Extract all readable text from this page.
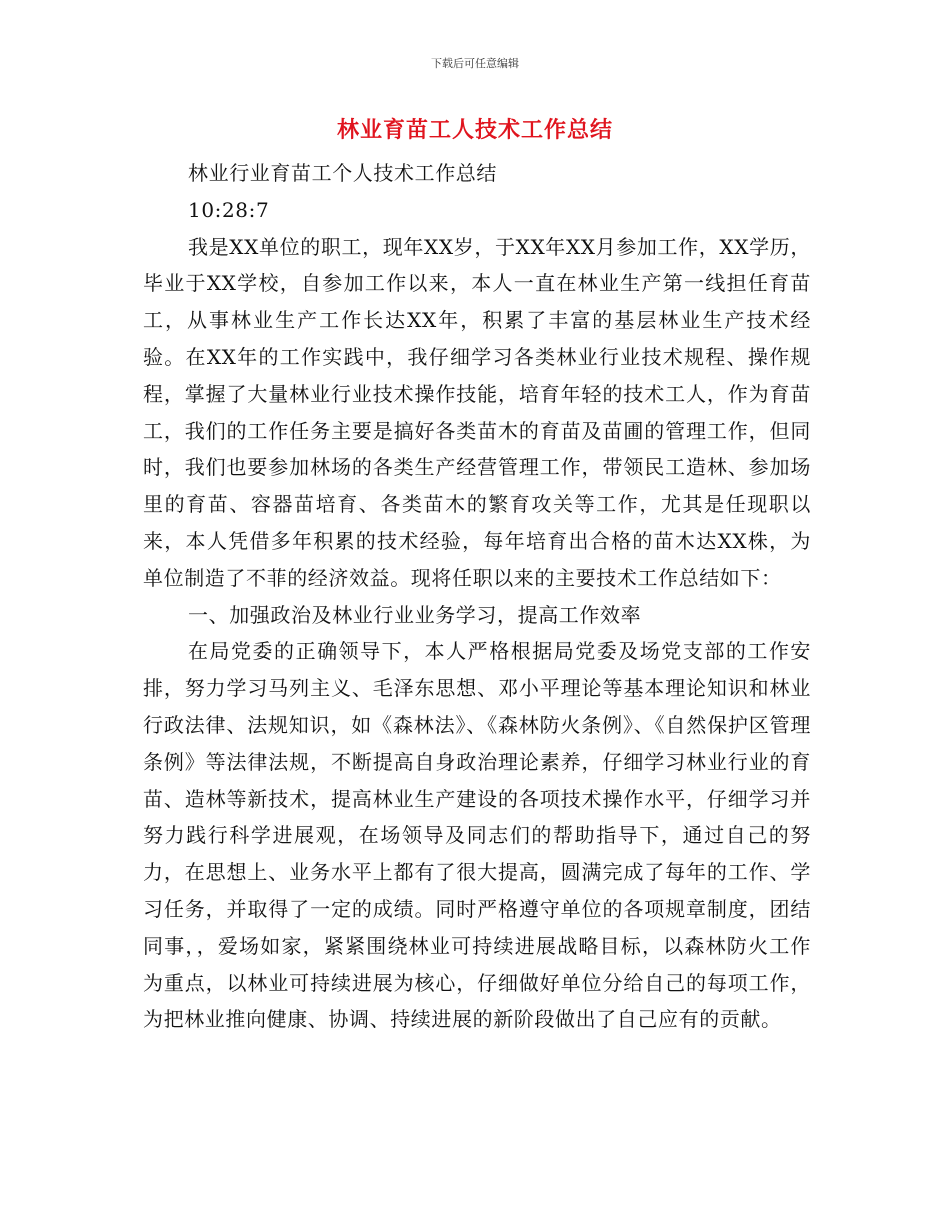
下载后可任意编辑
林业育苗工人技术工作总结

林业行业育苗工个人技术工作总结

10:28:7

我是XX单位的职工，现年XX岁，于XX年XX月参加工作，XX学历，毕业于XX学校，自参加工作以来，本人一直在林业生产第一线担任育苗工，从事林业生产工作长达XX年，积累了丰富的基层林业生产技术经验。在XX年的工作实践中，我仔细学习各类林业行业技术规程、操作规程，掌握了大量林业行业技术操作技能，培育年轻的技术工人，作为育苗工，我们的工作任务主要是搞好各类苗木的育苗及苗圃的管理工作，但同时，我们也要参加林场的各类生产经营管理工作，带领民工造林、参加场里的育苗、容器苗培育、各类苗木的繁育攻关等工作，尤其是任现职以来，本人凭借多年积累的技术经验，每年培育出合格的苗木达XX株，为单位制造了不菲的经济效益。现将任职以来的主要技术工作总结如下：

一、加强政治及林业行业业务学习，提高工作效率

在局党委的正确领导下，本人严格根据局党委及场党支部的工作安排，努力学习马列主义、毛泽东思想、邓小平理论等基本理论知识和林业行政法律、法规知识，如《森林法》、《森林防火条例》、《自然保护区管理条例》等法律法规，不断提高自身政治理论素养，仔细学习林业行业的育苗、造林等新技术，提高林业生产建设的各项技术操作水平，仔细学习并努力践行科学进展观，在场领导及同志们的帮助指导下，通过自己的努力，在思想上、业务水平上都有了很大提高，圆满完成了每年的工作、学习任务，并取得了一定的成绩。同时严格遵守单位的各项规章制度，团结同事，，爱场如家，紧紧围绕林业可持续进展战略目标，以森林防火工作为重点，以林业可持续进展为核心，仔细做好单位分给自己的每项工作，为把林业推向健康、协调、持续进展的新阶段做出了自己应有的贡献。
